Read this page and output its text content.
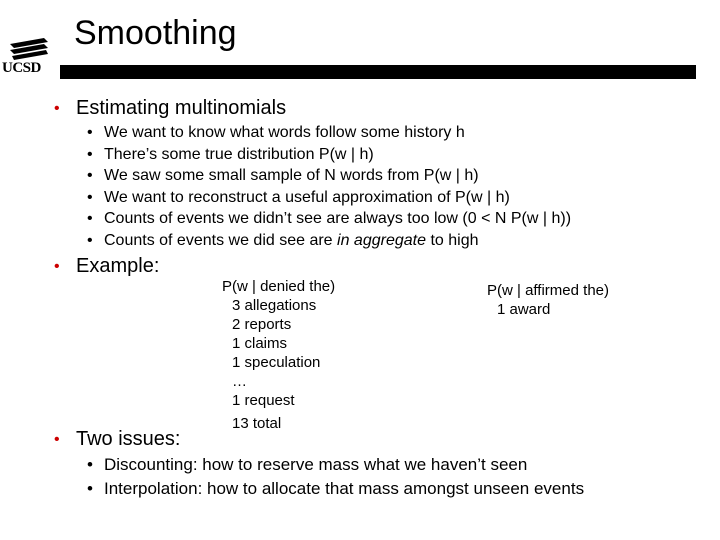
UCSD
Smoothing
• Estimating multinomials
• We want to know what words follow some history h
• There’s some true distribution P(w | h)
• We saw some small sample of N words from P(w | h)
• We want to reconstruct a useful approximation of P(w | h)
• Counts of events we didn’t see are always too low (0 < N P(w | h))
• Counts of events we did see are in aggregate to high
• Example:
P(w | denied the)
3 allegations
2 reports
1 claims
1 speculation
…
1 request
13 total
P(w | affirmed the)
1 award
• Two issues:
• Discounting: how to reserve mass what we haven’t seen
• Interpolation: how to allocate that mass amongst unseen events
